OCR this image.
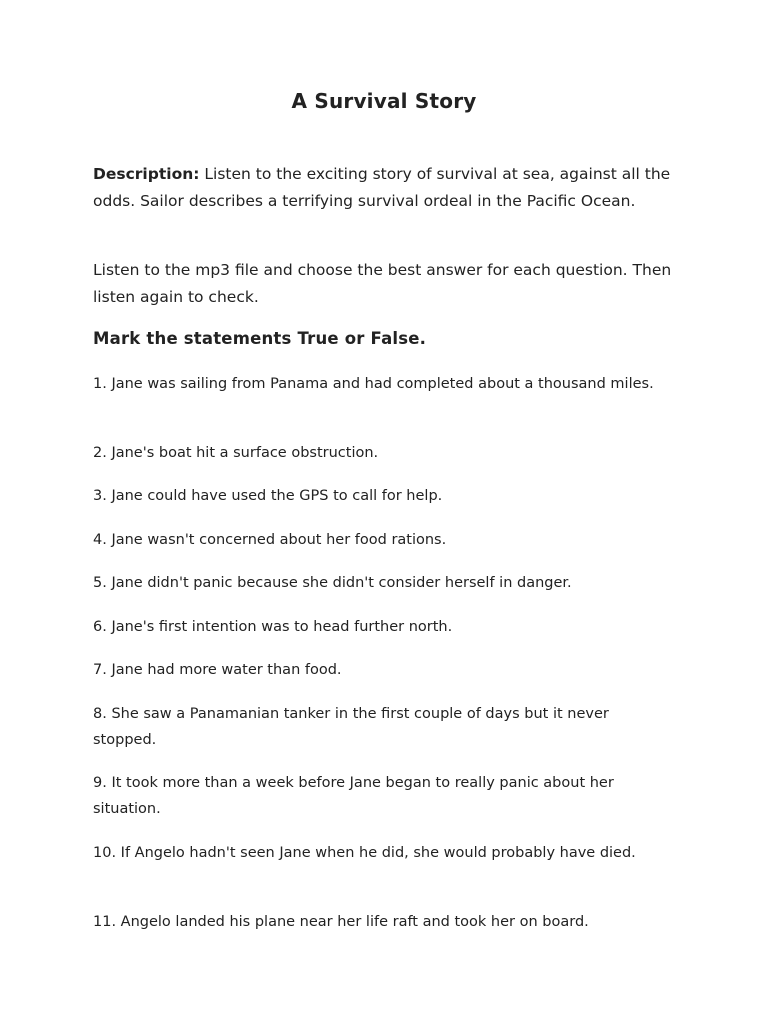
A Survival Story

Description: Listen to the exciting story of survival at sea, against all the odds. Sailor describes a terrifying survival ordeal in the Pacific Ocean.

Listen to the mp3 file and choose the best answer for each question. Then listen again to check.

Mark the statements True or False.

1. Jane was sailing from Panama and had completed about a thousand miles.

2. Jane's boat hit a surface obstruction.

3. Jane could have used the GPS to call for help.

4. Jane wasn't concerned about her food rations.

5. Jane didn't panic because she didn't consider herself in danger.

6. Jane's first intention was to head further north.

7. Jane had more water than food.

8. She saw a Panamanian tanker in the first couple of days but it never stopped.

9. It took more than a week before Jane began to really panic about her situation.

10. If Angelo hadn't seen Jane when he did, she would probably have died.

11. Angelo landed his plane near her life raft and took her on board.
